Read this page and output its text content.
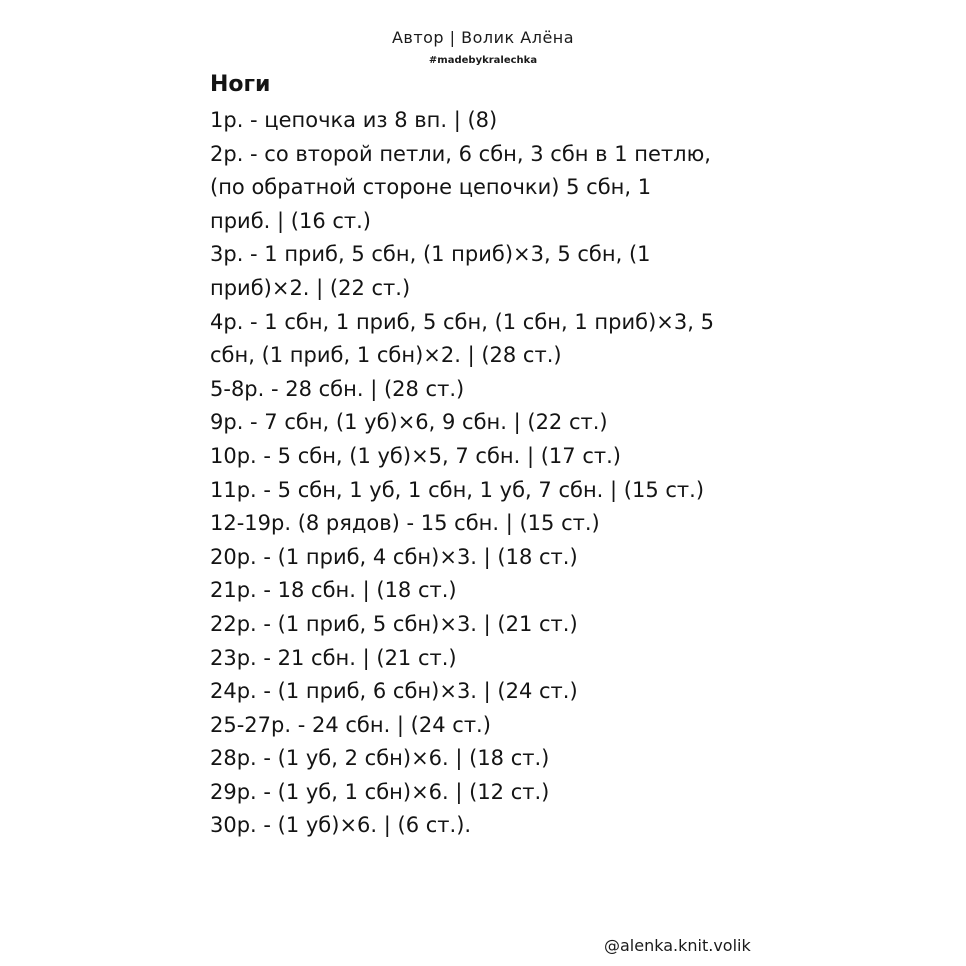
Автор | Волик Алёна
#madebykralechka
Ноги
1р. - цепочка из 8 вп. | (8)
2р. - со второй петли, 6 сбн, 3 сбн в 1 петлю,
(по обратной стороне цепочки) 5 сбн, 1
приб. | (16 ст.)
3р. - 1 приб, 5 сбн, (1 приб)×3, 5 сбн, (1
приб)×2. | (22 ст.)
4р. - 1 сбн, 1 приб, 5 сбн, (1 сбн, 1 приб)×3, 5
сбн, (1 приб, 1 сбн)×2. | (28 ст.)
5-8р. - 28 сбн. | (28 ст.)
9р. - 7 сбн, (1 уб)×6, 9 сбн. | (22 ст.)
10р. - 5 сбн, (1 уб)×5, 7 сбн. | (17 ст.)
11р. - 5 сбн, 1 уб, 1 сбн, 1 уб, 7 сбн. | (15 ст.)
12-19р. (8 рядов) - 15 сбн. | (15 ст.)
20р. - (1 приб, 4 сбн)×3. | (18 ст.)
21р. - 18 сбн. | (18 ст.)
22р. - (1 приб, 5 сбн)×3. | (21 ст.)
23р. - 21 сбн. | (21 ст.)
24р. - (1 приб, 6 сбн)×3. | (24 ст.)
25-27р. - 24 сбн. | (24 ст.)
28р. - (1 уб, 2 сбн)×6. | (18 ст.)
29р. - (1 уб, 1 сбн)×6. | (12 ст.)
30р. - (1 уб)×6. | (6 ст.).
@alenka.knit.volik
